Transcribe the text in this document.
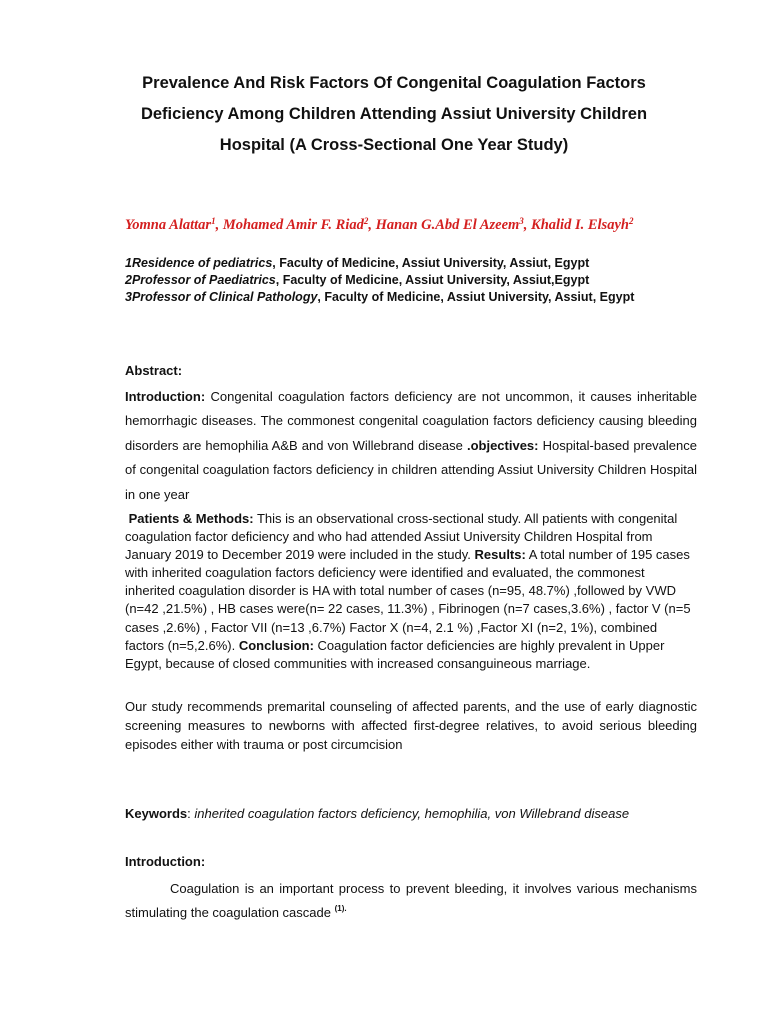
Prevalence And Risk Factors Of Congenital Coagulation Factors Deficiency Among Children Attending Assiut University Children Hospital (A Cross-Sectional One Year Study)
Yomna Alattar$^1$, Mohamed Amir F. Riad$^2$, Hanan G.Abd El Azeem$^3$, Khalid I. Elsayh$^2$
1Residence of pediatrics, Faculty of Medicine, Assiut University, Assiut, Egypt
2Professor of Paediatrics, Faculty of Medicine, Assiut University, Assiut,Egypt
3Professor of Clinical Pathology, Faculty of Medicine, Assiut University, Assiut, Egypt
Abstract:
Introduction: Congenital coagulation factors deficiency are not uncommon, it causes inheritable hemorrhagic diseases. The commonest congenital coagulation factors deficiency causing bleeding disorders are hemophilia A&B and von Willebrand disease .objectives: Hospital-based prevalence of congenital coagulation factors deficiency in children attending Assiut University Children Hospital in one year
Patients & Methods: This is an observational cross-sectional study. All patients with congenital coagulation factor deficiency and who had attended Assiut University Children Hospital from January 2019 to December 2019 were included in the study. Results: A total number of 195 cases with inherited coagulation factors deficiency were identified and evaluated, the commonest inherited coagulation disorder is HA with total number of cases (n=95, 48.7%) ,followed by VWD (n=42 ,21.5%) , HB cases were(n= 22 cases, 11.3%) , Fibrinogen (n=7 cases,3.6%) , factor V (n=5 cases ,2.6%) , Factor VII (n=13 ,6.7%) Factor X (n=4, 2.1 %) ,Factor XI (n=2, 1%), combined factors (n=5,2.6%). Conclusion: Coagulation factor deficiencies are highly prevalent in Upper Egypt, because of closed communities with increased consanguineous marriage.
Our study recommends premarital counseling of affected parents, and the use of early diagnostic screening measures to newborns with affected first-degree relatives, to avoid serious bleeding episodes either with trauma or post circumcision
Keywords: inherited coagulation factors deficiency, hemophilia, von Willebrand disease
Introduction:
Coagulation is an important process to prevent bleeding, it involves various mechanisms stimulating the coagulation cascade $^{(1).}$
